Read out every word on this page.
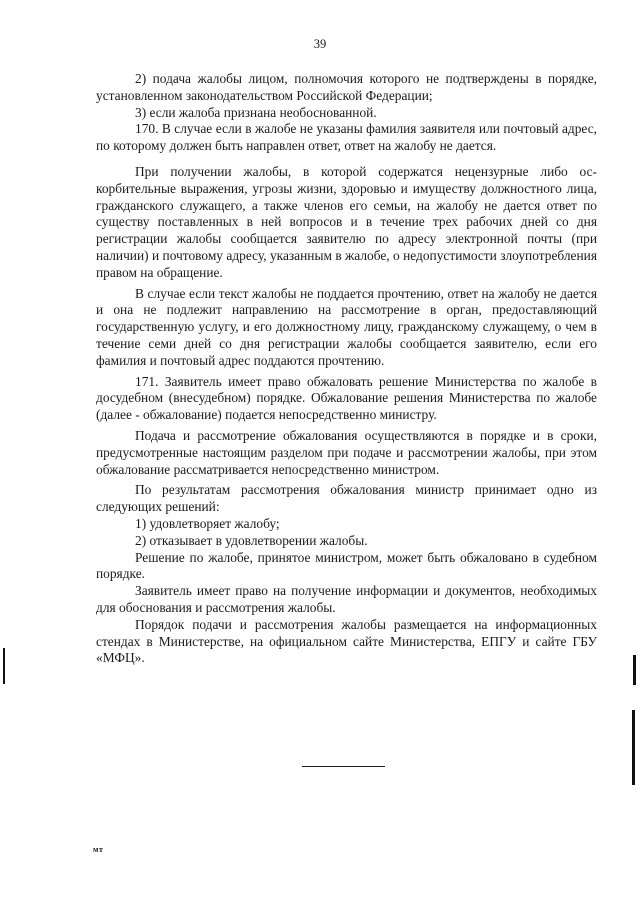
39

2) подача жалобы лицом, полномочия которого не подтверждены в порядке, установленном законодательством Российской Федерации;

3) если жалоба признана необоснованной.

170. В случае если в жалобе не указаны фамилия заявителя или почтовый адрес, по которому должен быть направлен ответ, ответ на жалобу не дается.

При получении жалобы, в которой содержатся нецензурные либо оскорбительные выражения, угрозы жизни, здоровью и имуществу должностного лица, гражданского служащего, а также членов его семьи, на жалобу не дается ответ по существу поставленных в ней вопросов и в течение трех рабочих дней со дня регистрации жалобы сообщается заявителю по адресу электронной почты (при наличии) и почтовому адресу, указанным в жалобе, о недопустимости злоупотребления правом на обращение.

В случае если текст жалобы не поддается прочтению, ответ на жалобу не дается и она не подлежит направлению на рассмотрение в орган, предоставляющий государственную услугу, и его должностному лицу, гражданскому служащему, о чем в течение семи дней со дня регистрации жалобы сообщается заявителю, если его фамилия и почтовый адрес поддаются прочтению.

171. Заявитель имеет право обжаловать решение Министерства по жалобе в досудебном (внесудебном) порядке. Обжалование решения Министерства по жалобе (далее - обжалование) подается непосредственно министру.

Подача и рассмотрение обжалования осуществляются в порядке и в сроки, предусмотренные настоящим разделом при подаче и рассмотрении жалобы, при этом обжалование рассматривается непосредственно министром.

По результатам рассмотрения обжалования министр принимает одно из следующих решений:

1) удовлетворяет жалобу;

2) отказывает в удовлетворении жалобы.

Решение по жалобе, принятое министром, может быть обжаловано в судебном порядке.

Заявитель имеет право на получение информации и документов, необходимых для обоснования и рассмотрения жалобы.

Порядок подачи и рассмотрения жалобы размещается на информационных стендах в Министерстве, на официальном сайте Министерства, ЕПГУ и сайте ГБУ «МФЦ».

мт
